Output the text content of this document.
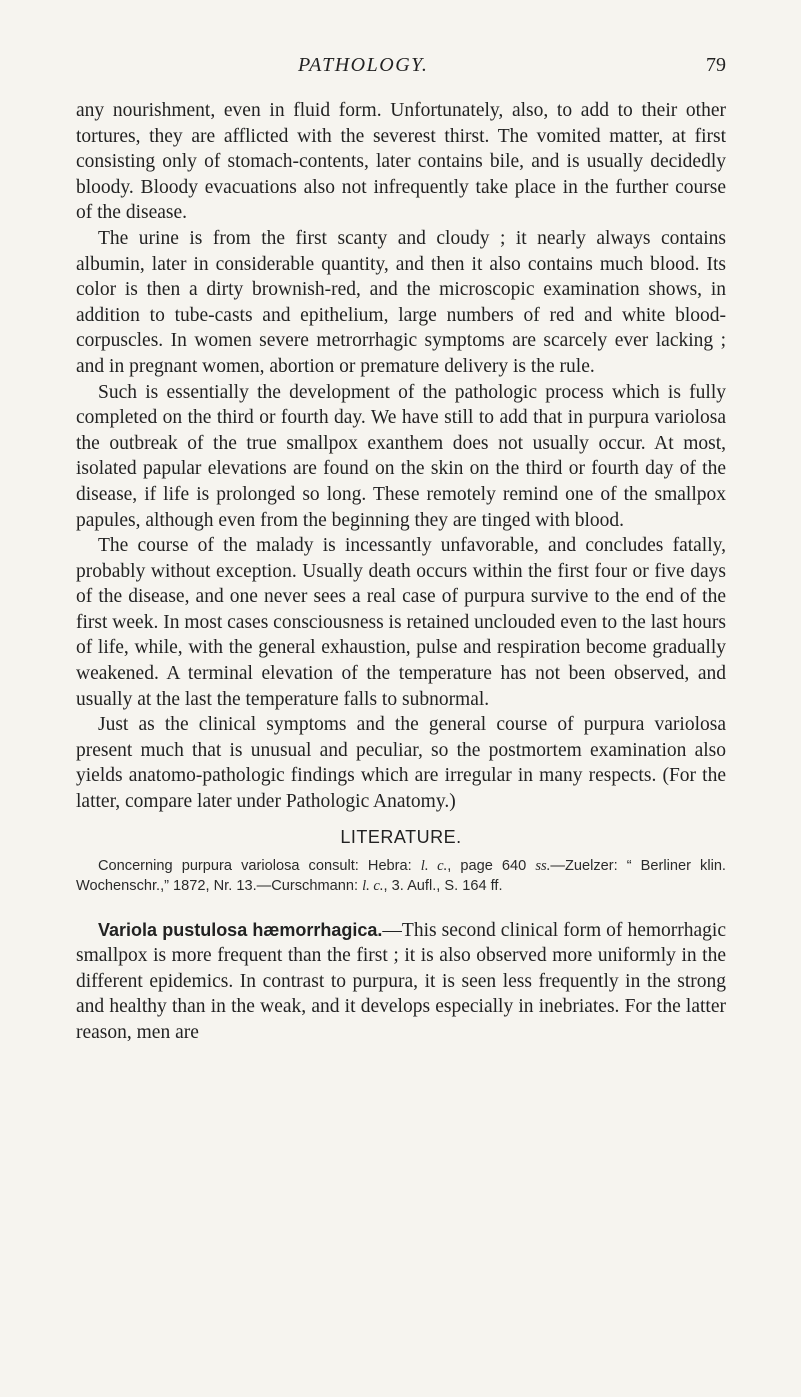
PATHOLOGY.	79

any nourishment, even in fluid form. Unfortunately, also, to add to their other tortures, they are afflicted with the severest thirst. The vomited matter, at first consisting only of stomach-contents, later contains bile, and is usually decidedly bloody. Bloody evacuations also not infrequently take place in the further course of the disease.

The urine is from the first scanty and cloudy ; it nearly always contains albumin, later in considerable quantity, and then it also contains much blood. Its color is then a dirty brownish-red, and the microscopic examination shows, in addition to tube-casts and epithelium, large numbers of red and white blood-corpuscles. In women severe metrorrhagic symptoms are scarcely ever lacking ; and in pregnant women, abortion or premature delivery is the rule.

Such is essentially the development of the pathologic process which is fully completed on the third or fourth day. We have still to add that in purpura variolosa the outbreak of the true smallpox exanthem does not usually occur. At most, isolated papular elevations are found on the skin on the third or fourth day of the disease, if life is prolonged so long. These remotely remind one of the smallpox papules, although even from the beginning they are tinged with blood.

The course of the malady is incessantly unfavorable, and concludes fatally, probably without exception. Usually death occurs within the first four or five days of the disease, and one never sees a real case of purpura survive to the end of the first week. In most cases consciousness is retained unclouded even to the last hours of life, while, with the general exhaustion, pulse and respiration become gradually weakened. A terminal elevation of the temperature has not been observed, and usually at the last the temperature falls to subnormal.

Just as the clinical symptoms and the general course of purpura variolosa present much that is unusual and peculiar, so the postmortem examination also yields anatomo-pathologic findings which are irregular in many respects. (For the latter, compare later under Pathologic Anatomy.)

LITERATURE.

Concerning purpura variolosa consult: Hebra: l. c., page 640 ss.—Zuelzer: “ Berliner klin. Wochenschr.,” 1872, Nr. 13.—Curschmann: l. c., 3. Aufl., S. 164 ff.

Variola pustulosa hæmorrhagica.—This second clinical form of hemorrhagic smallpox is more frequent than the first ; it is also observed more uniformly in the different epidemics. In contrast to purpura, it is seen less frequently in the strong and healthy than in the weak, and it develops especially in inebriates. For the latter reason, men are
